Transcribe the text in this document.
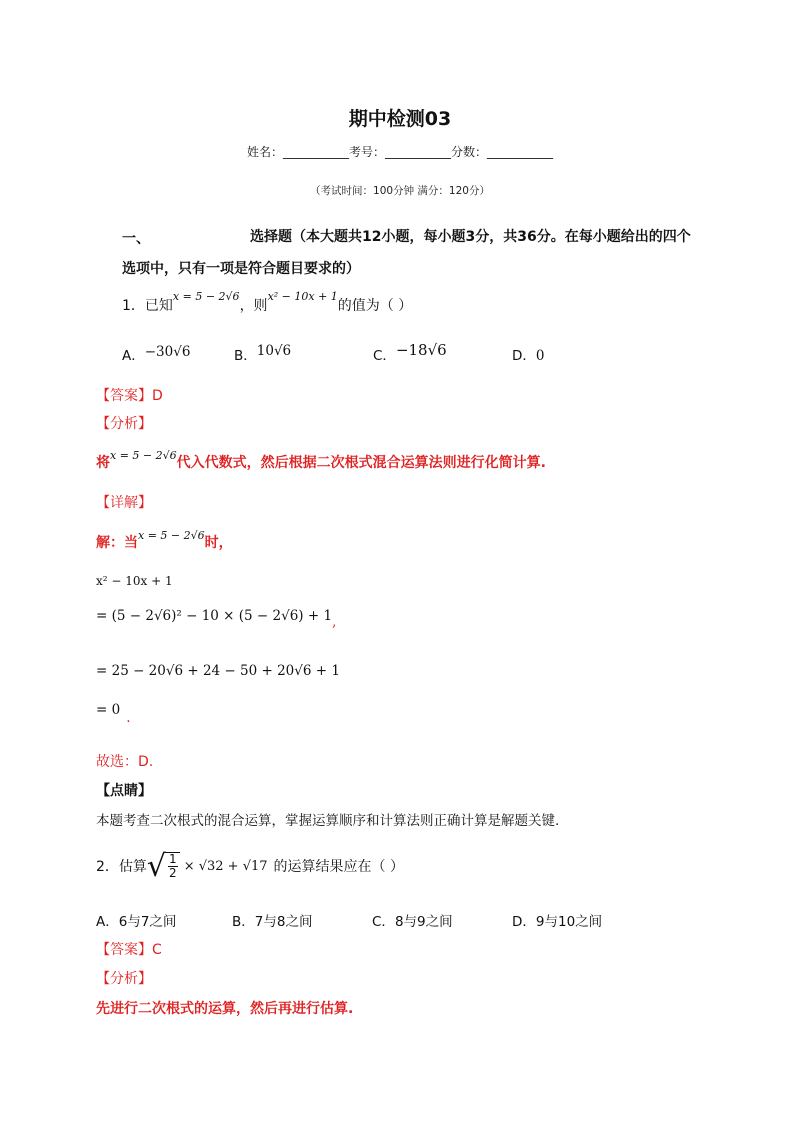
期中检测03
姓名：___________考号：___________分数：___________
（考试时间：100分钟 满分：120分）
一、	选择题（本大题共12小题，每小题3分，共36分。在每小题给出的四个
选项中，只有一项是符合题目要求的）
1．已知$^{x = 5 - 2√6}$，则$^{x^2 - 10x + 1}$的值为（ ）
A．−30√6	B．10√6	C．−18√6	D．0
【答案】D
【分析】
将$^{x = 5 - 2√6}$代入代数式，然后根据二次根式混合运算法则进行化简计算.
【详解】
解：当$^{x = 5 - 2√6}$时，
x² − 10x + 1
= (5 − 2√6)² − 10 × (5 − 2√6) + 1,
= 25 − 20√6 + 24 − 50 + 20√6 + 1
= 0 .
故选：D.
【点睛】
本题考查二次根式的混合运算，掌握运算顺序和计算法则正确计算是解题关键.
2．估算 √ $\frac{1}{2} \times √32 + √17$ 的运算结果应在（ ）
A．6与7之间	B．7与8之间	C．8与9之间	D．9与10之间
【答案】C
【分析】
先进行二次根式的运算，然后再进行估算.
